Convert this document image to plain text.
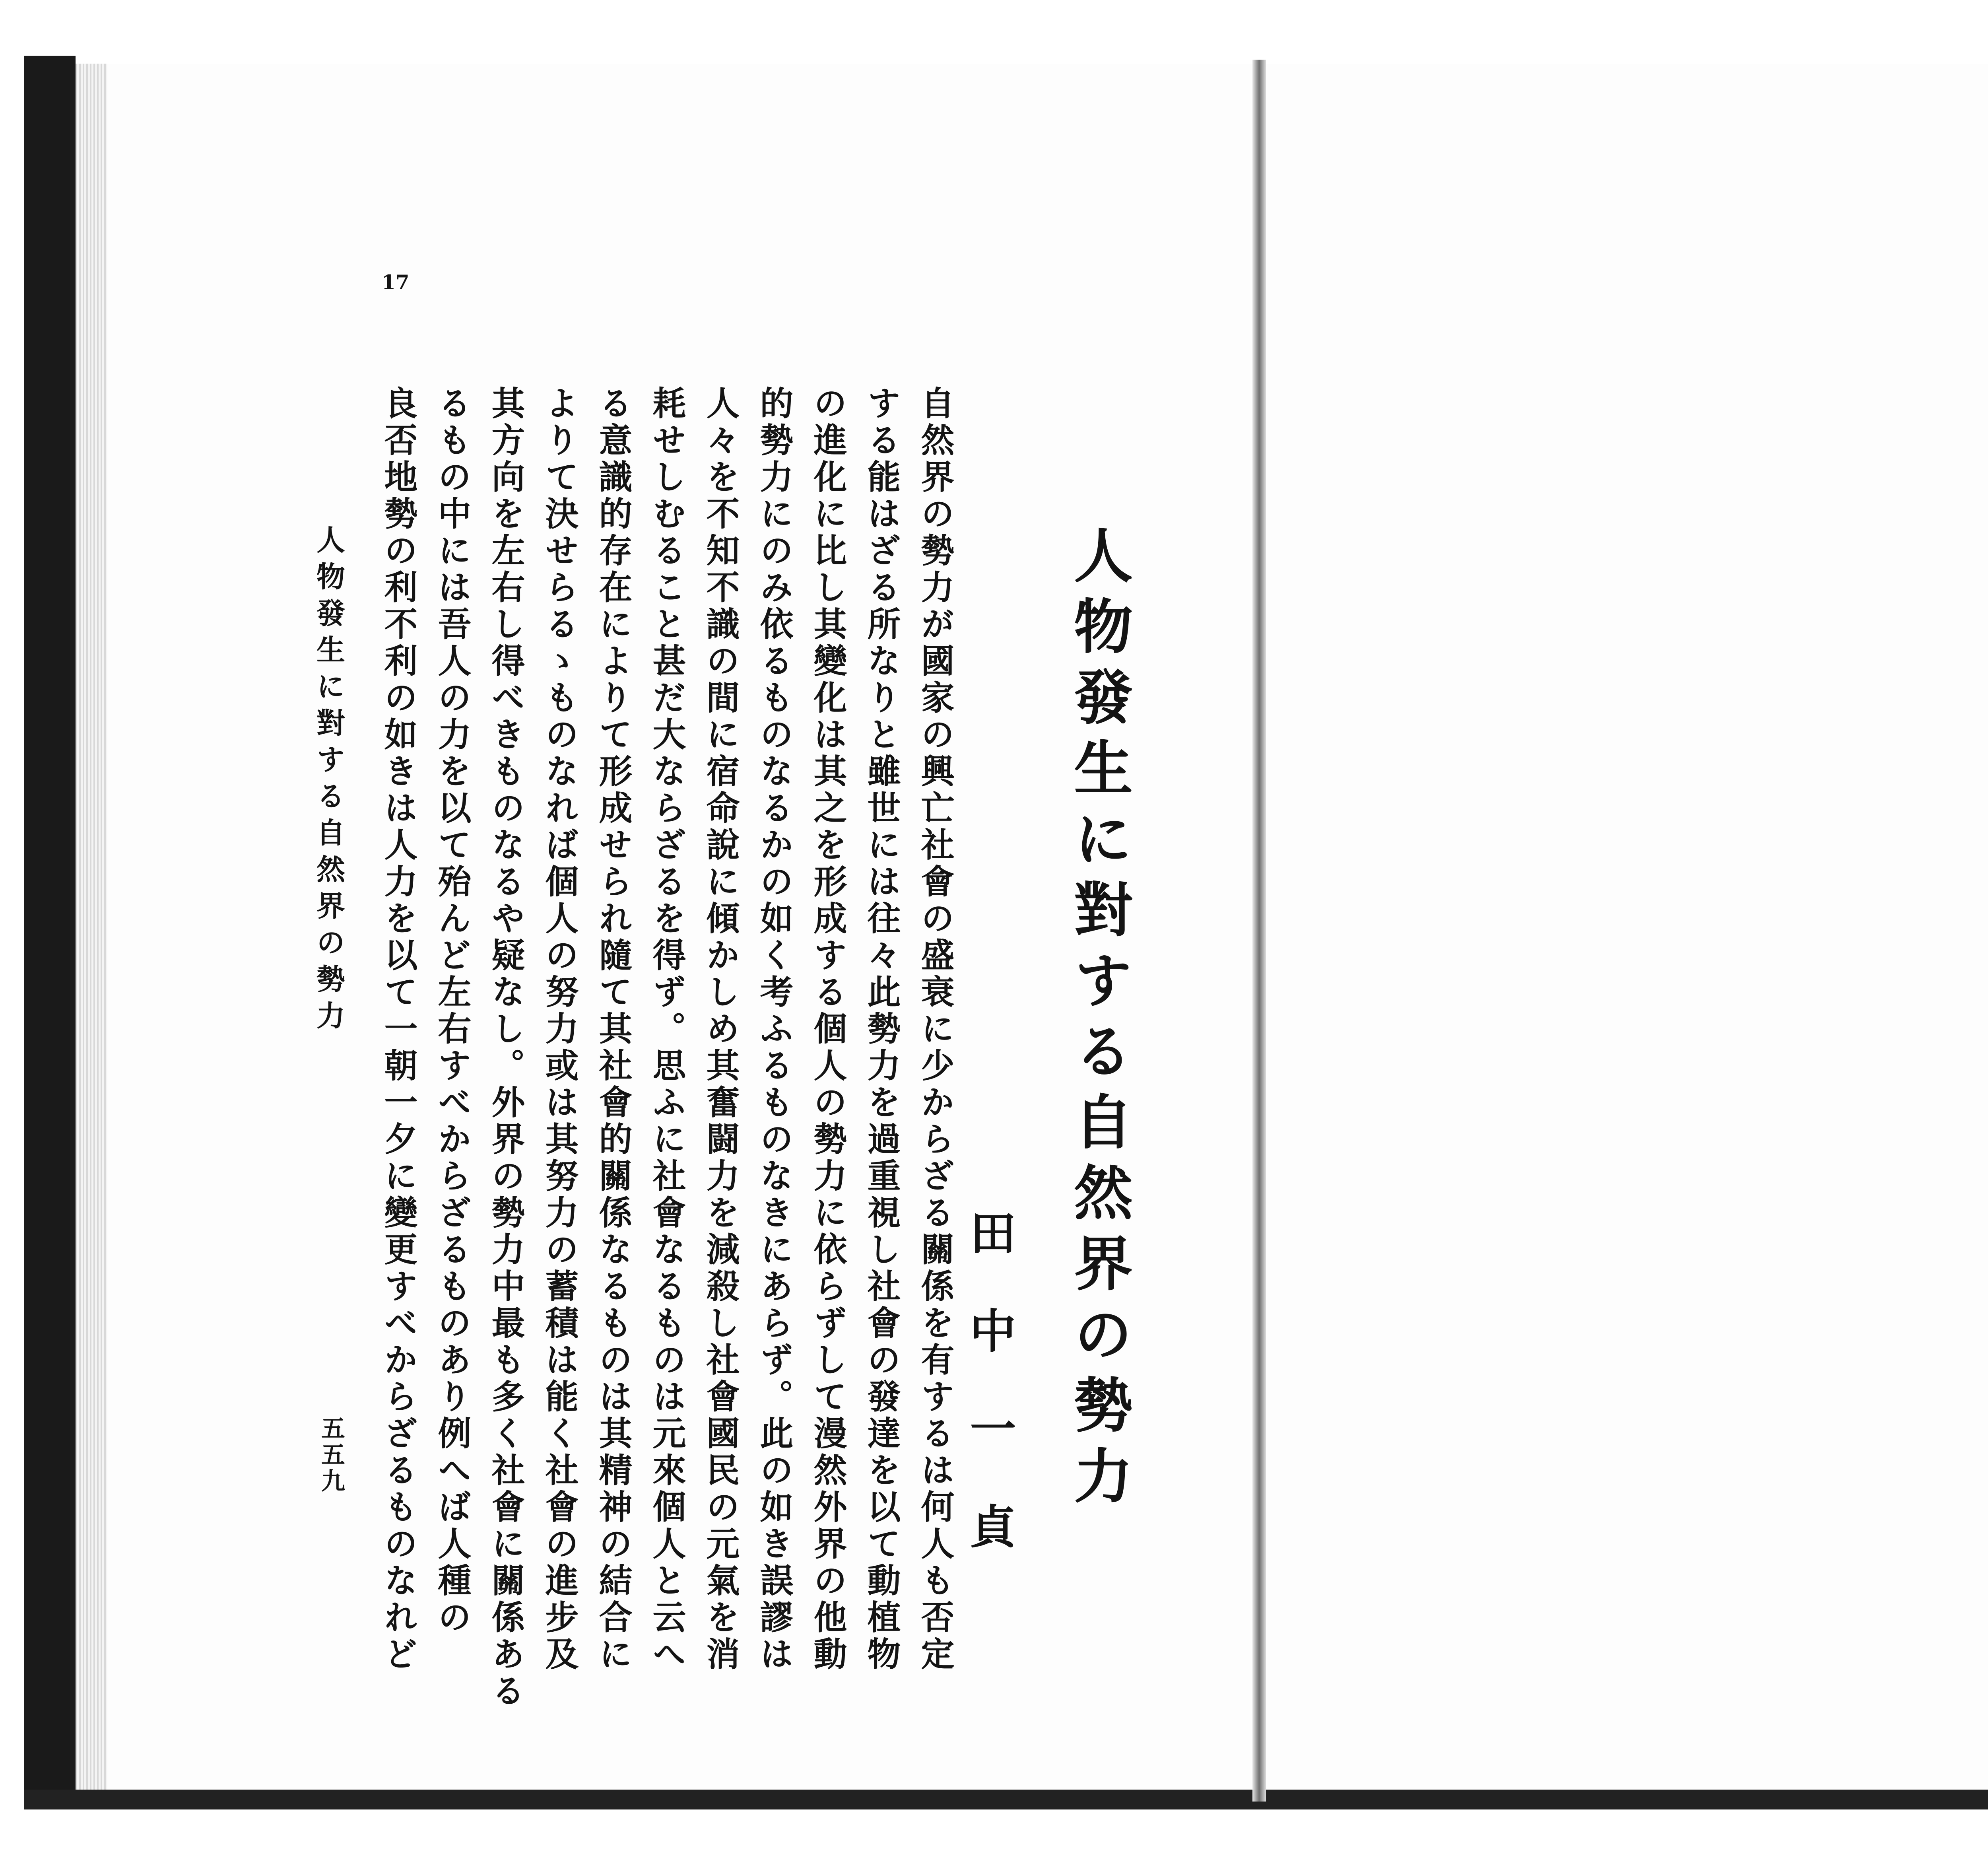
17
人物發生に對する自然界の勢力
田中一貞
自然界の勢力が國家の興亡社會の盛衰に少からざる關係を有するは何人も否定
する能はざる所なりと雖世には往々此勢力を過重視し社會の發達を以て動植物
の進化に比し其變化は其之を形成する個人の勢力に依らずして漫然外界の他動
的勢力にのみ依るものなるかの如く考ふるものなきにあらず。此の如き誤謬は
人々を不知不識の間に宿命說に傾かしめ其奮闘力を減殺し社會國民の元氣を消
耗せしむること甚だ大ならざるを得ず。思ふに社會なるものは元來個人と云へ
る意識的存在によりて形成せられ隨て其社會的關係なるものは其精神の結合に
よりて決せらるゝものなれば個人の努力或は其努力の蓄積は能く社會の進步及
其方向を左右し得べきものなるや疑なし。外界の勢力中最も多く社會に關係ある
るもの中には吾人の力を以て殆んど左右すべからざるものあり例へば人種の
良否地勢の利不利の如きは人力を以て一朝一夕に變更すべからざるものなれど
人物發生に對する自然界の勢力
五五九
